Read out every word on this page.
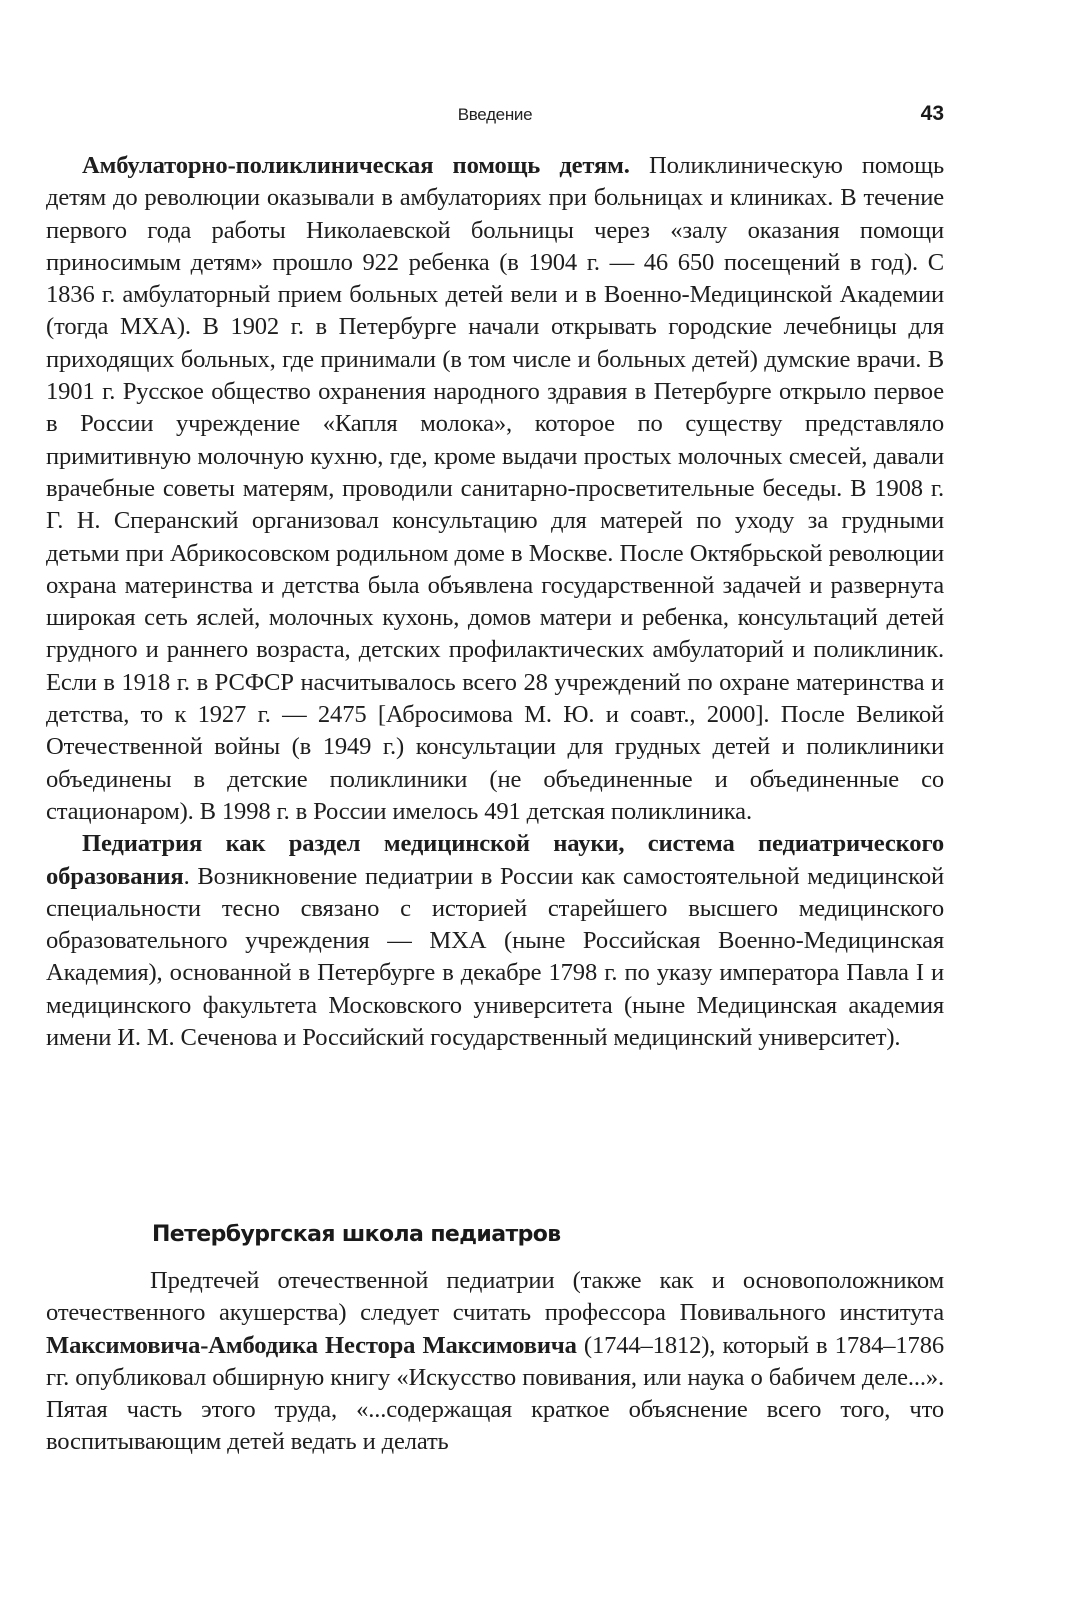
Введение	43

Амбулаторно-поликлиническая помощь детям. Поликлиническую помощь детям до революции оказывали в амбулаториях при больницах и клиниках. В течение первого года работы Николаевской больницы через «залу оказания помощи приносимым детям» прошло 922 ребенка (в 1904 г. — 46 650 посещений в год). С 1836 г. амбулаторный прием больных детей вели и в Военно-Медицинской Академии (тогда МХА). В 1902 г. в Петербурге начали открывать городские лечебницы для приходящих больных, где принимали (в том числе и больных детей) думские врачи. В 1901 г. Русское общество охранения народного здравия в Петербурге открыло первое в России учреждение «Капля молока», которое по существу представляло примитивную молочную кухню, где, кроме выдачи простых молочных смесей, давали врачебные советы матерям, проводили санитарно-просветительные беседы. В 1908 г. Г. Н. Сперанский организовал консультацию для матерей по уходу за грудными детьми при Абрикосовском родильном доме в Москве. После Октябрьской революции охрана материнства и детства была объявлена государственной задачей и развернута широкая сеть яслей, молочных кухонь, домов матери и ребенка, консультаций детей грудного и раннего возраста, детских профилактических амбулаторий и поликлиник. Если в 1918 г. в РСФСР насчитывалось всего 28 учреждений по охране материнства и детства, то к 1927 г. — 2475 [Абросимова М. Ю. и соавт., 2000]. После Великой Отечественной войны (в 1949 г.) консультации для грудных детей и поликлиники объединены в детские поликлиники (не объединенные и объединенные со стационаром). В 1998 г. в России имелось 491 детская поликлиника.

Педиатрия как раздел медицинской науки, система педиатрического образования. Возникновение педиатрии в России как самостоятельной медицинской специальности тесно связано с историей старейшего высшего медицинского образовательного учреждения — МХА (ныне Российская Военно-Медицинская Академия), основанной в Петербурге в декабре 1798 г. по указу императора Павла I и медицинского факультета Московского университета (ныне Медицинская академия имени И. М. Сеченова и Российский государственный медицинский университет).

Петербургская школа педиатров

Предтечей отечественной педиатрии (также как и основоположником отечественного акушерства) следует считать профессора Повивального института Максимовича-Амбодика Нестора Максимовича (1744–1812), который в 1784–1786 гг. опубликовал обширную книгу «Искусство повивания, или наука о бабичем деле...». Пятая часть этого труда, «...содержащая краткое объяснение всего того, что воспитывающим детей ведать и делать
